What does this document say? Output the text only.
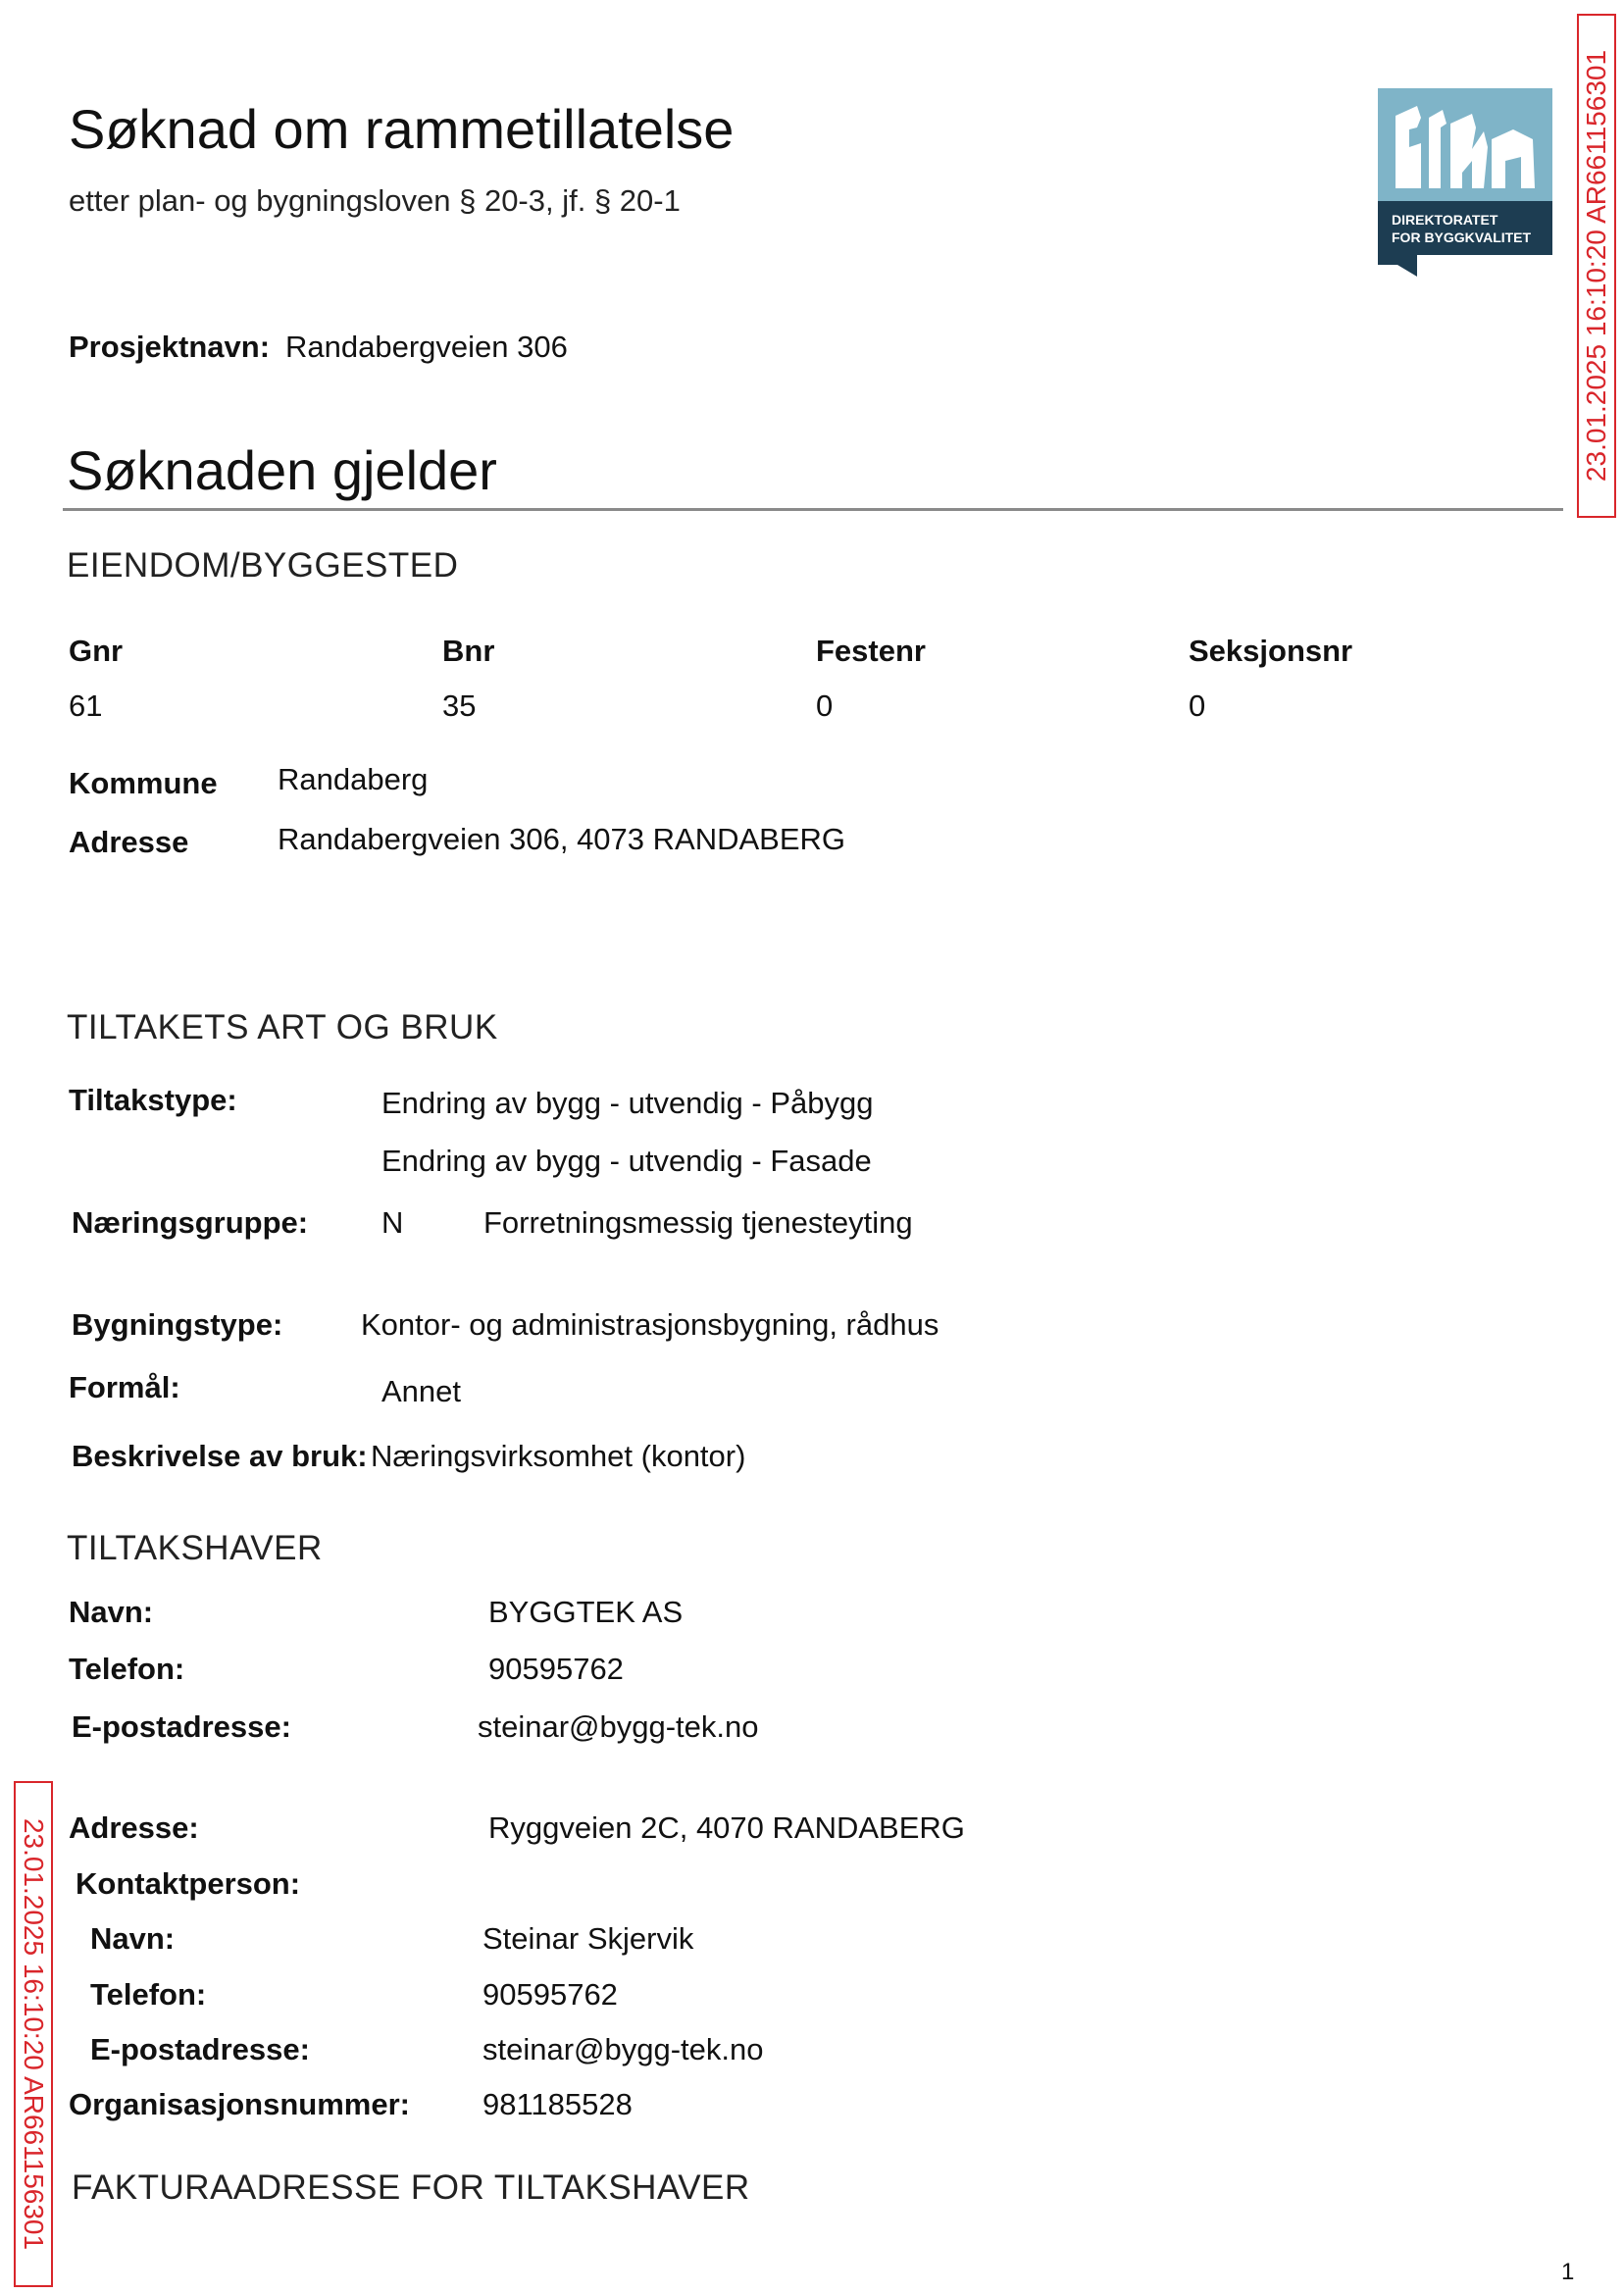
Søknad om rammetillatelse
etter plan- og bygningsloven § 20-3, jf. § 20-1
DIREKTORATET
FOR BYGGKVALITET 23.01.2025 16:10:20 AR661156301
23.01.2025 16:10:20 AR661156301
Prosjektnavn: Randabergveien 306
Søknaden gjelder
EIENDOM/BYGGESTED
Gnr	Bnr	Festenr	Seksjonsnr
61	35	0	0
Kommune Randaberg
Adresse	Randabergveien 306, 4073 RANDABERG
TILTAKETS ART OG BRUK
Tiltakstype:	Endring av bygg - utvendig - Påbygg
Endring av bygg - utvendig - Fasade
Næringsgruppe: N	Forretningsmessig tjenesteyting
Bygningstype:	Kontor- og administrasjonsbygning, rådhus
Formål:	Annet
Beskrivelse av bruk: Næringsvirksomhet (kontor)
TILTAKSHAVER
Navn:	BYGGTEK AS
Telefon:	90595762
E-postadresse:	steinar@bygg-tek.no
Adresse:	Ryggveien 2C, 4070 RANDABERG
Kontaktperson:
Navn:	Steinar Skjervik
Telefon:	90595762
E-postadresse:	steinar@bygg-tek.no
Organisasjonsnummer: 981185528
FAKTURAADRESSE FOR TILTAKSHAVER
1
